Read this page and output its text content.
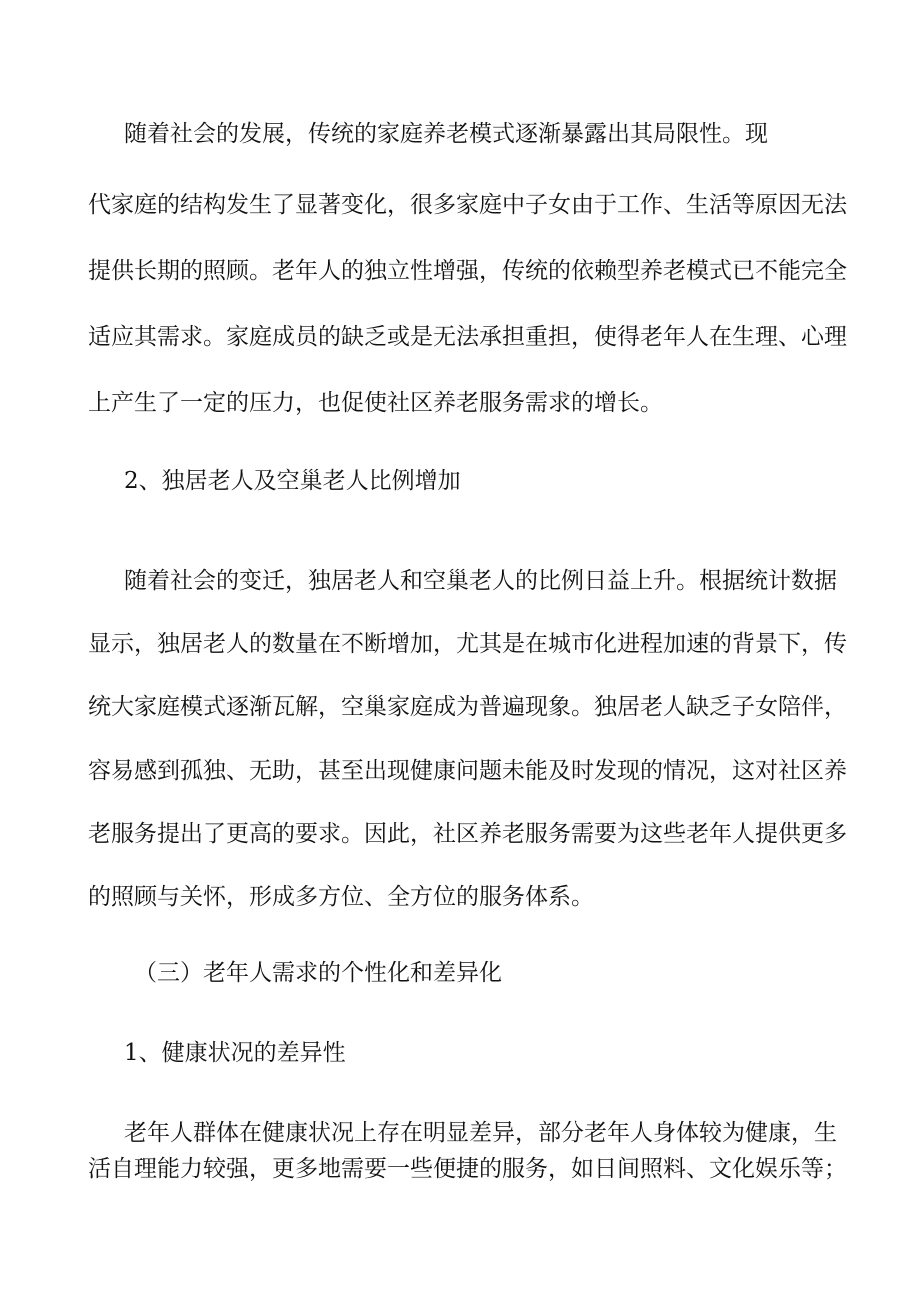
随着社会的发展，传统的家庭养老模式逐渐暴露出其局限性。现
代家庭的结构发生了显著变化，很多家庭中子女由于工作、生活等原因无法
提供长期的照顾。老年人的独立性增强，传统的依赖型养老模式已不能完全
适应其需求。家庭成员的缺乏或是无法承担重担，使得老年人在生理、心理
上产生了一定的压力，也促使社区养老服务需求的增长。
2、独居老人及空巢老人比例增加
随着社会的变迁，独居老人和空巢老人的比例日益上升。根据统计数据
显示，独居老人的数量在不断增加，尤其是在城市化进程加速的背景下，传
统大家庭模式逐渐瓦解，空巢家庭成为普遍现象。独居老人缺乏子女陪伴，
容易感到孤独、无助，甚至出现健康问题未能及时发现的情况，这对社区养
老服务提出了更高的要求。因此，社区养老服务需要为这些老年人提供更多
的照顾与关怀，形成多方位、全方位的服务体系。
（三）老年人需求的个性化和差异化
1、健康状况的差异性
老年人群体在健康状况上存在明显差异，部分老年人身体较为健康，生
活自理能力较强，更多地需要一些便捷的服务，如日间照料、文化娱乐等；
